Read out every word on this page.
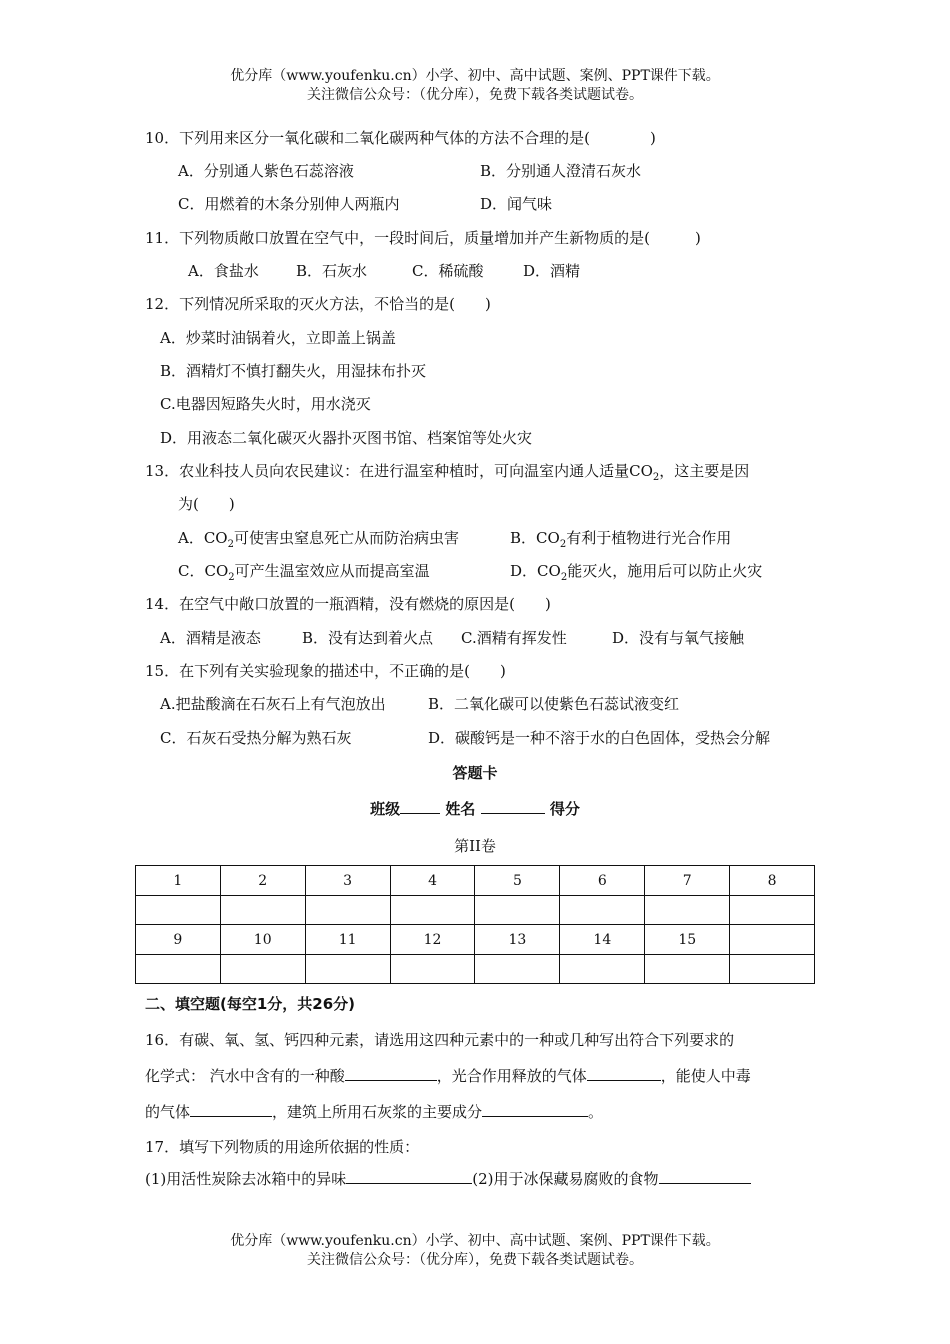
优分库（www.youfenku.cn）小学、初中、高中试题、案例、PPT课件下载。
关注微信公众号：（优分库），免费下载各类试题试卷。
10．下列用来区分一氧化碳和二氧化碳两种气体的方法不合理的是(　　　　)
A．分别通人紫色石蕊溶液	B．分别通人澄清石灰水
C．用燃着的木条分别伸人两瓶内	D．闻气味
11．下列物质敞口放置在空气中，一段时间后，质量增加并产生新物质的是(　　　)
A．食盐水 B．石灰水	C．稀硫酸	D．酒精
12．下列情况所采取的灭火方法，不恰当的是(　　)
A．炒菜时油锅着火，立即盖上锅盖
B．酒精灯不慎打翻失火，用湿抹布扑灭
C.电器因短路失火时，用水浇灭
D．用液态二氧化碳灭火器扑灭图书馆、档案馆等处火灾
13．农业科技人员向农民建议：在进行温室种植时，可向温室内通人适量$CO_2$，这主要是因
为(　　)
A．$CO_2$可使害虫窒息死亡从而防治病虫害	B．$CO_2$有利于植物进行光合作用
C．$CO_2$可产生温室效应从而提高室温	D．$CO_2$能灭火，施用后可以防止火灾
14．在空气中敞口放置的一瓶酒精，没有燃烧的原因是(　　)
A．酒精是液态	B．没有达到着火点 C.酒精有挥发性	D．没有与氧气接触
15．在下列有关实验现象的描述中，不正确的是(　　)
A.把盐酸滴在石灰石上有气泡放出	B．二氧化碳可以使紫色石蕊试液变红
C．石灰石受热分解为熟石灰	D．碳酸钙是一种不溶于水的白色固体，受热会分解
答题卡
班级	姓名	得分
第II卷
1	2	3	4	5	6	7	8

9	10	11	12	13	14	15	

二、填空题(每空1分，共26分)
16．有碳、氧、氢、钙四种元素，请选用这四种元素中的一种或几种写出符合下列要求的
化学式： 汽水中含有的一种酸	，光合作用释放的气体	，能使人中毒
的气体	，建筑上所用石灰浆的主要成分	。
17．填写下列物质的用途所依据的性质：
(1)用活性炭除去冰箱中的异味	(2)用于冰保藏易腐败的食物
优分库（www.youfenku.cn）小学、初中、高中试题、案例、PPT课件下载。
关注微信公众号：（优分库），免费下载各类试题试卷。
